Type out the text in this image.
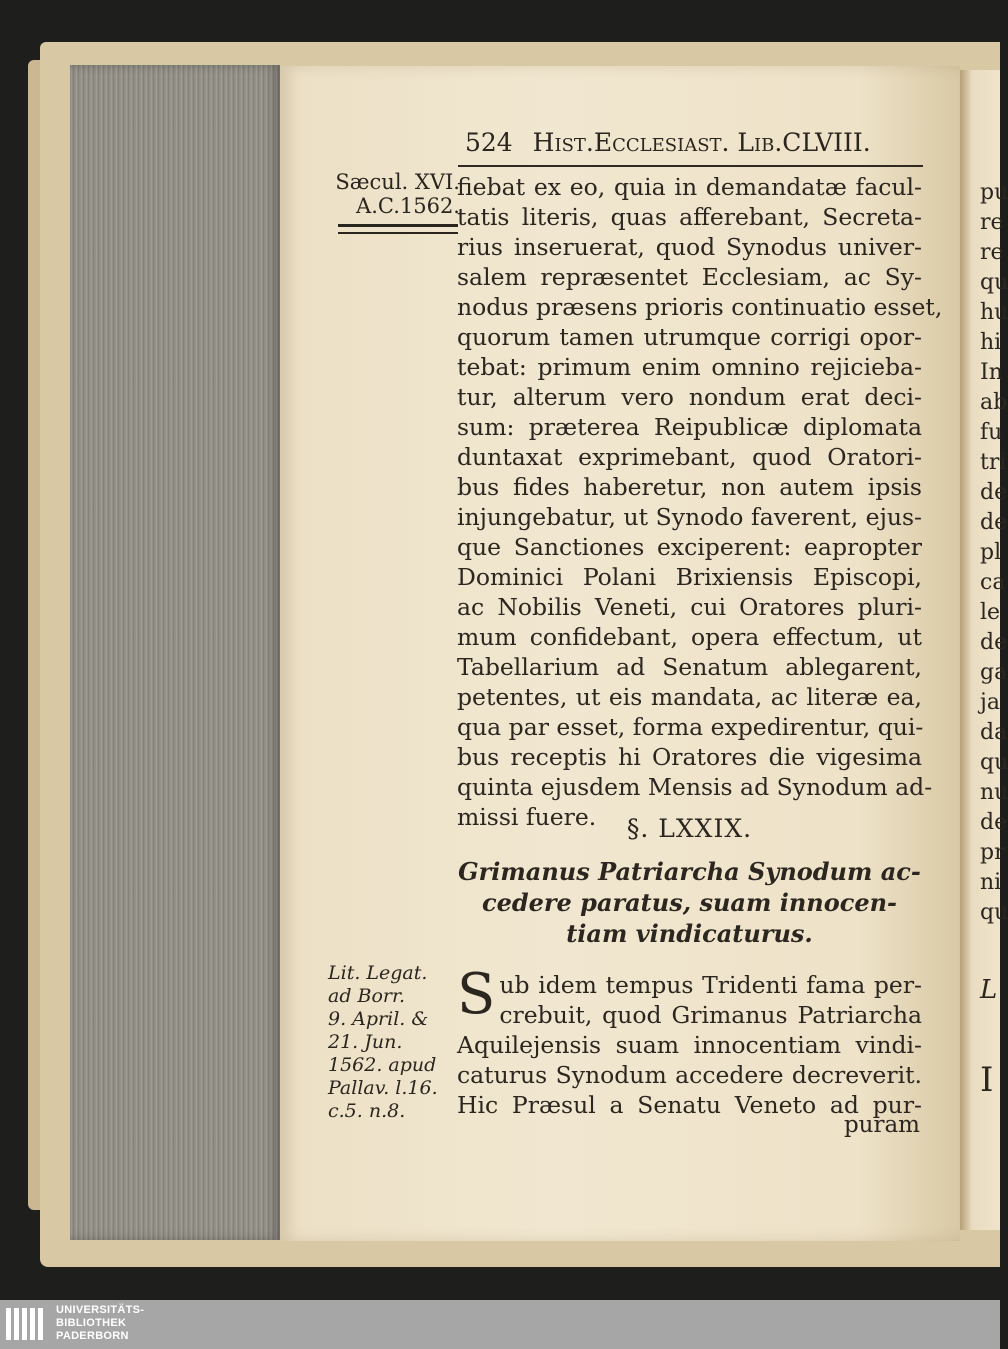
pu
re
re
qu
hu
hi
In
ab
fu
tri
de
de
pl
ca
le
de
ga
ja
da
qu
nu
de
pr
ni
qu
L
I
524 Hist.Ecclesiast. Lib.CLVIII.
Sæcul. XVI.
A.C.1562.
fiebat ex eo, quia in demandatæ facul-
tatis literis, quas afferebant, Secreta-
rius inseruerat, quod Synodus univer-
salem repræsentet Ecclesiam, ac Sy-
nodus præsens prioris continuatio esset,
quorum tamen utrumque corrigi opor-
tebat: primum enim omnino rejicieba-
tur, alterum vero nondum erat deci-
sum: præterea Reipublicæ diplomata
duntaxat exprimebant, quod Oratori-
bus fides haberetur, non autem ipsis
injungebatur, ut Synodo faverent, ejus-
que Sanctiones exciperent: eapropter
Dominici Polani Brixiensis Episcopi,
ac Nobilis Veneti, cui Oratores pluri-
mum confidebant, opera effectum, ut
Tabellarium ad Senatum ablegarent,
petentes, ut eis mandata, ac literæ ea,
qua par esset, forma expedirentur, qui-
bus receptis hi Oratores die vigesima
quinta ejusdem Mensis ad Synodum ad-
missi fuere.	§. LXXIX.
Grimanus Patriarcha Synodum ac-
cedere paratus, suam innocen-
tiam vindicaturus.
Lit. Legat.
ad Borr.
9. April. &
21. Jun.
1562. apud
Pallav. l.16.
c.5. n.8.
S ub idem tempus Tridenti fama per-
crebuit, quod Grimanus Patriarcha
Aquilejensis suam innocentiam vindi-
caturus Synodum accedere decreverit.
Hic Præsul a Senatu Veneto ad pur-
puram
UNIVERSITÄTS-
BIBLIOTHEK
PADERBORN
